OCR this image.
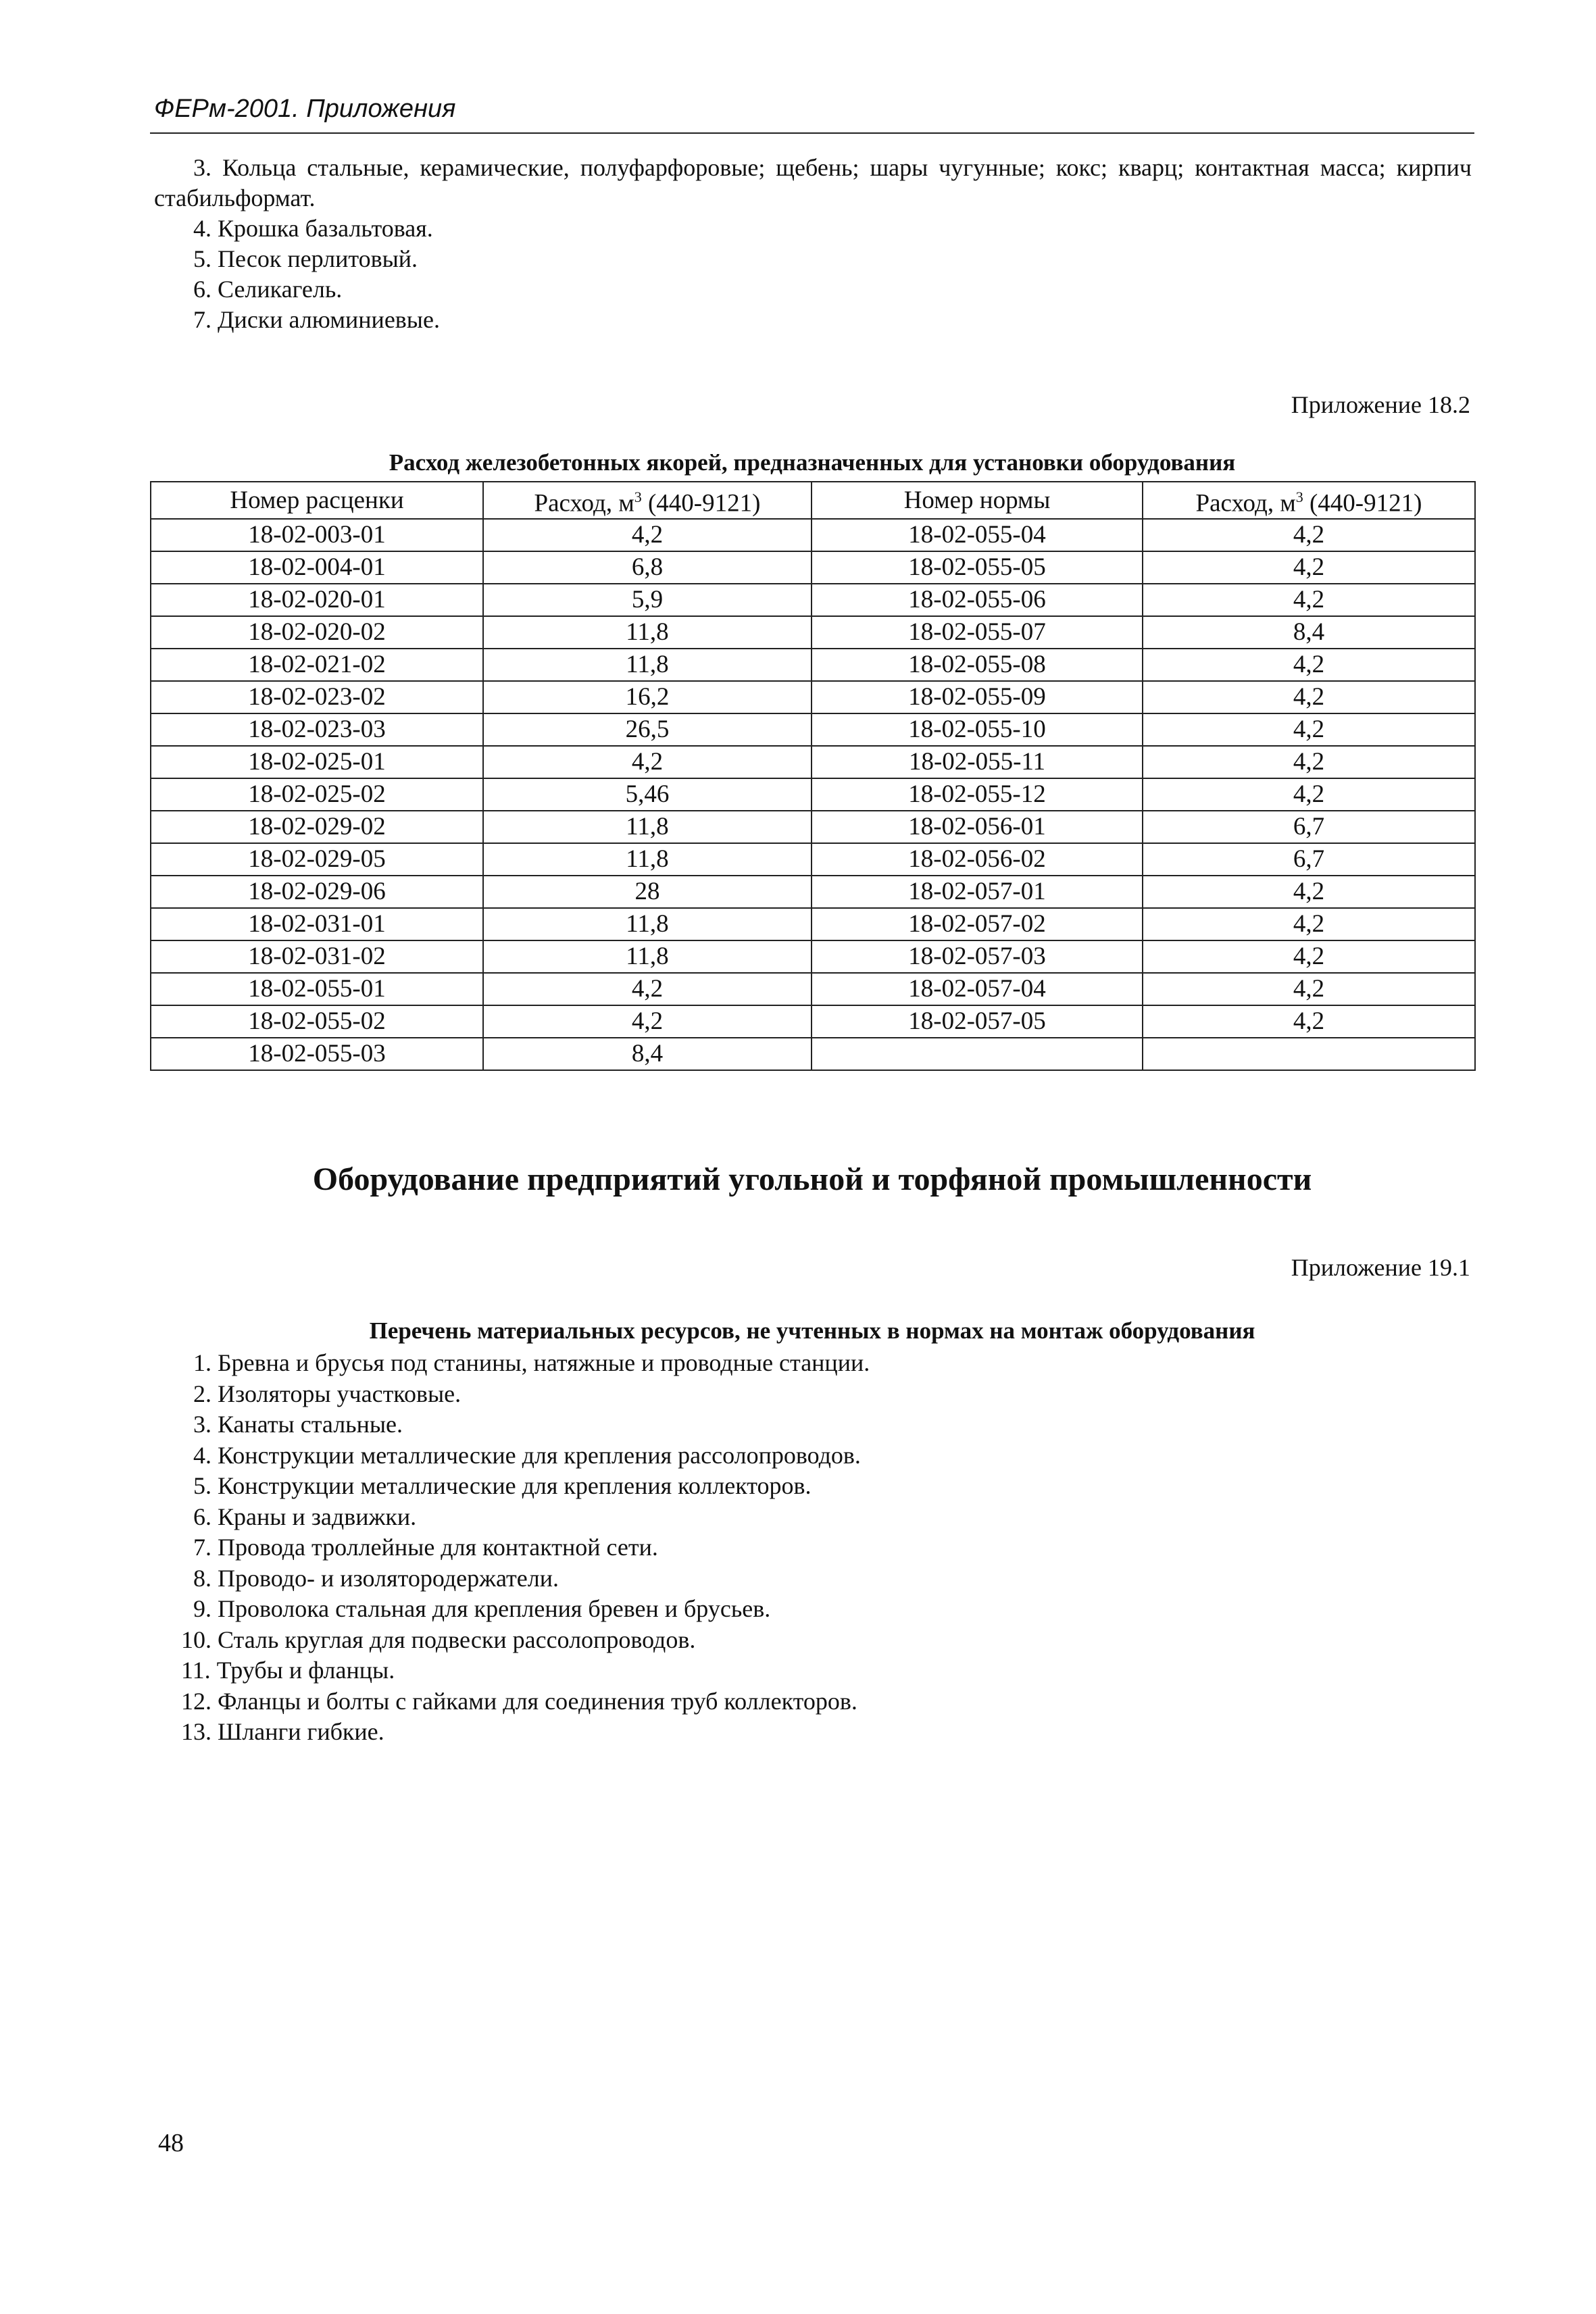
ФЕРм-2001. Приложения

3. Кольца стальные, керамические, полуфарфоровые; щебень; шары чугунные; кокс; кварц; контактная масса; кирпич стабильформат.

4. Крошка базальтовая.

5. Песок перлитовый.

6. Селикагель.

7. Диски алюминиевые.

Приложение 18.2
Расход железобетонных якорей, предназначенных для установки оборудования
Номер расценки	Расход, $м^3$ (440-9121)	Номер нормы	Расход, $м^3$ (440-9121)
18-02-003-01	4,2	18-02-055-04	4,2
18-02-004-01	6,8	18-02-055-05	4,2
18-02-020-01	5,9	18-02-055-06	4,2
18-02-020-02	11,8	18-02-055-07	8,4
18-02-021-02	11,8	18-02-055-08	4,2
18-02-023-02	16,2	18-02-055-09	4,2
18-02-023-03	26,5	18-02-055-10	4,2
18-02-025-01	4,2	18-02-055-11	4,2
18-02-025-02	5,46	18-02-055-12	4,2
18-02-029-02	11,8	18-02-056-01	6,7
18-02-029-05	11,8	18-02-056-02	6,7
18-02-029-06	28	18-02-057-01	4,2
18-02-031-01	11,8	18-02-057-02	4,2
18-02-031-02	11,8	18-02-057-03	4,2
18-02-055-01	4,2	18-02-057-04	4,2
18-02-055-02	4,2	18-02-057-05	4,2
18-02-055-03	8,4		
Оборудование предприятий угольной и торфяной промышленности
Приложение 19.1
Перечень материальных ресурсов, не учтенных в нормах на монтаж оборудования
1. Бревна и брусья под станины, натяжные и проводные станции.
2. Изоляторы участковые.
3. Канаты стальные.
4. Конструкции металлические для крепления рассолопроводов.
5. Конструкции металлические для крепления коллекторов.
6. Краны и задвижки.
7. Провода троллейные для контактной сети.
8. Проводо- и изолятородержатели.
9. Проволока стальная для крепления бревен и брусьев.
10. Сталь круглая для подвески рассолопроводов.
11. Трубы и фланцы.
12. Фланцы и болты с гайками для соединения труб коллекторов.
13. Шланги гибкие.
48
